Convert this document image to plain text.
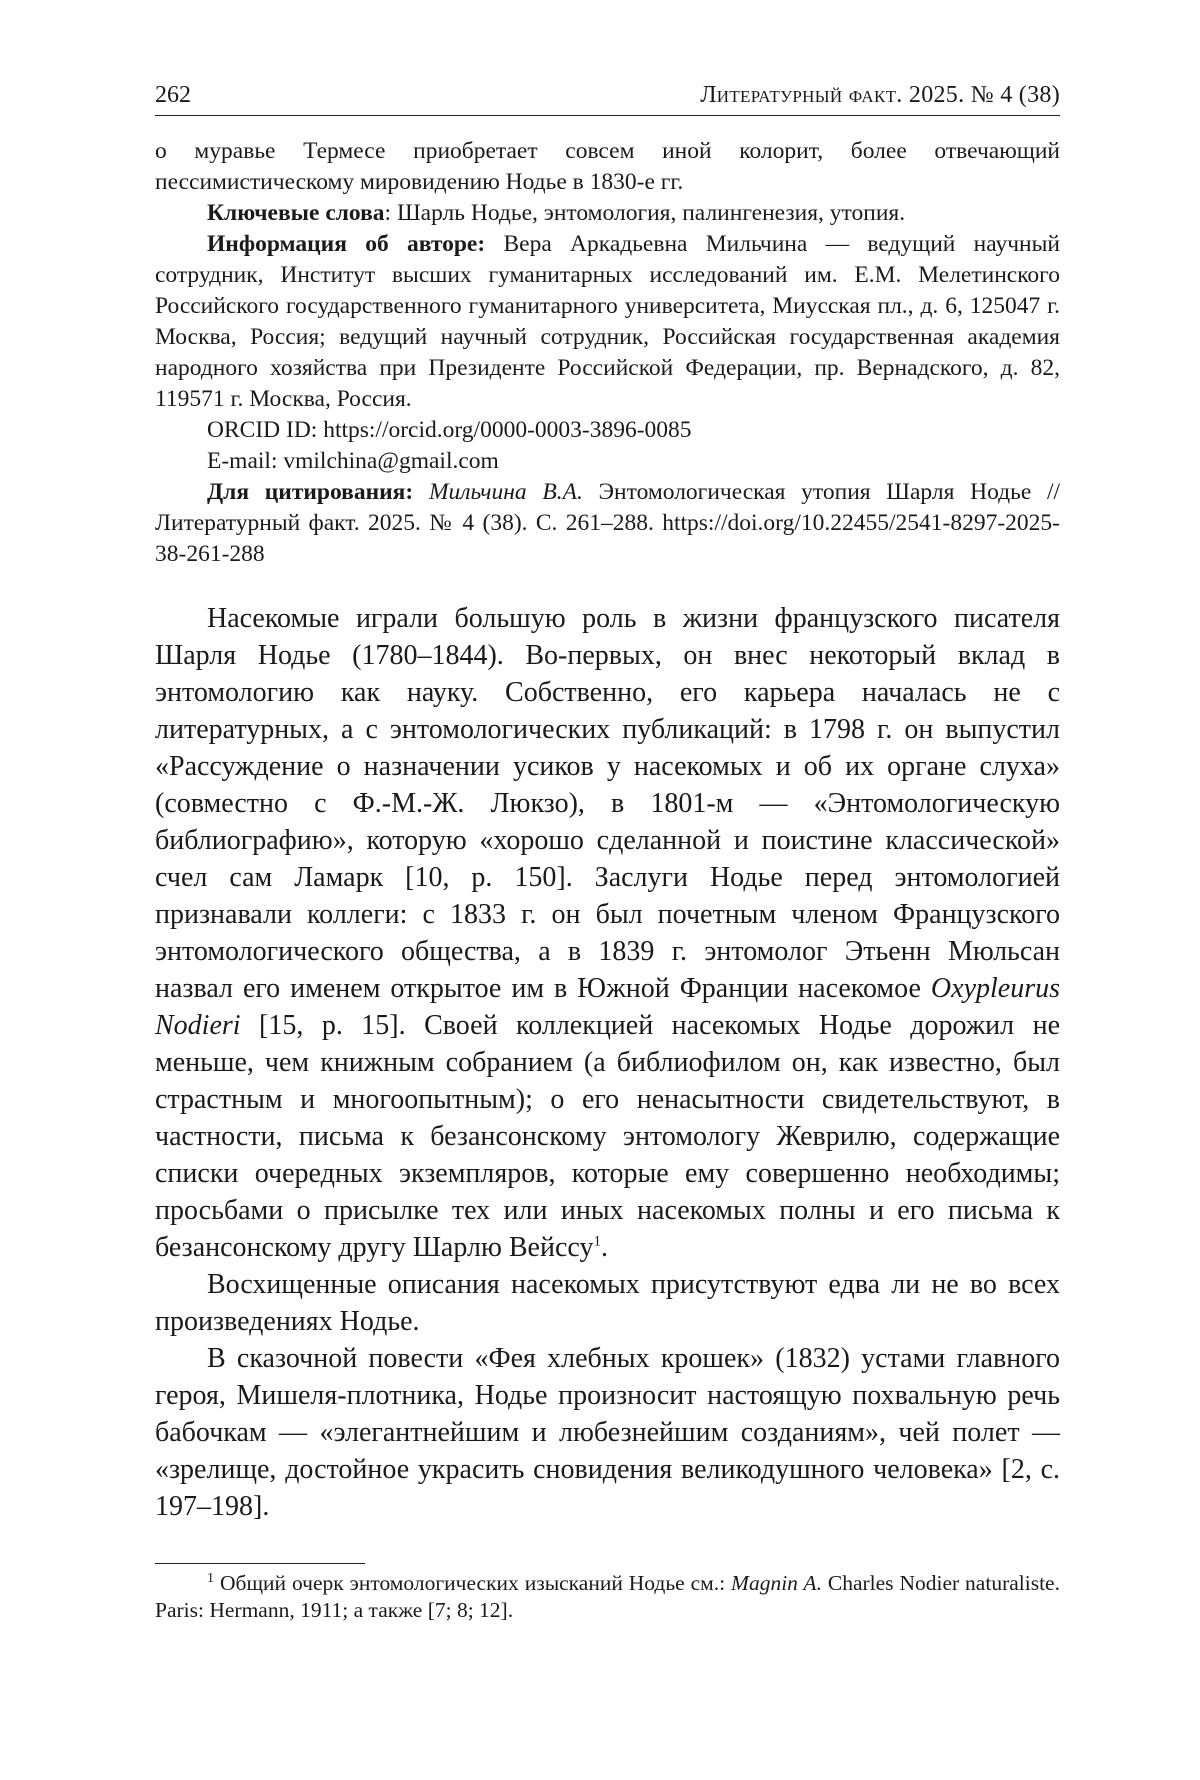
262	Литературный факт. 2025. № 4 (38)

о муравье Термесе приобретает совсем иной колорит, более отвечающий пессимистическому мировидению Нодье в 1830-е гг.

Ключевые слова: Шарль Нодье, энтомология, палингенезия, утопия.

Информация об авторе: Вера Аркадьевна Мильчина — ведущий научный сотрудник, Институт высших гуманитарных исследований им. Е.М. Мелетинского Российского государственного гуманитарного университета, Миусская пл., д. 6, 125047 г. Москва, Россия; ведущий научный сотрудник, Российская государственная академия народного хозяйства при Президенте Российской Федерации, пр. Вернадского, д. 82, 119571 г. Москва, Россия.

ORCID ID: https://orcid.org/0000-0003-3896-0085

E-mail: vmilchina@gmail.com

Для цитирования: Мильчина В.А. Энтомологическая утопия Шарля Нодье // Литературный факт. 2025. № 4 (38). С. 261–288. https://doi.org/10.22455/2541-8297-2025-38-261-288

Насекомые играли большую роль в жизни французского писателя Шарля Нодье (1780–1844). Во-первых, он внес некоторый вклад в энтомологию как науку. Собственно, его карьера началась не с литературных, а с энтомологических публикаций: в 1798 г. он выпустил «Рассуждение о назначении усиков у насекомых и об их органе слуха» (совместно с Ф.-М.-Ж. Люкзо), в 1801-м — «Энтомологическую библиографию», которую «хорошо сделанной и поистине классической» счел сам Ламарк [10, p. 150]. Заслуги Нодье перед энтомологией признавали коллеги: с 1833 г. он был почетным членом Французского энтомологического общества, а в 1839 г. энтомолог Этьенн Мюльсан назвал его именем открытое им в Южной Франции насекомое Oxypleurus Nodieri [15, p. 15]. Своей коллекцией насекомых Нодье дорожил не меньше, чем книжным собранием (а библиофилом он, как известно, был страстным и многоопытным); о его ненасытности свидетельствуют, в частности, письма к безансонскому энтомологу Жеврилю, содержащие списки очередных экземпляров, которые ему совершенно необходимы; просьбами о присылке тех или иных насекомых полны и его письма к безансонскому другу Шарлю Вейссу$^1$.

Восхищенные описания насекомых присутствуют едва ли не во всех произведениях Нодье.

В сказочной повести «Фея хлебных крошек» (1832) устами главного героя, Мишеля-плотника, Нодье произносит настоящую похвальную речь бабочкам — «элегантнейшим и любезнейшим созданиям», чей полет — «зрелище, достойное украсить сновидения великодушного человека» [2, с. 197–198].

$^1$ Общий очерк энтомологических изысканий Нодье см.: Magnin A. Charles Nodier naturaliste. Paris: Hermann, 1911; а также [7; 8; 12].
